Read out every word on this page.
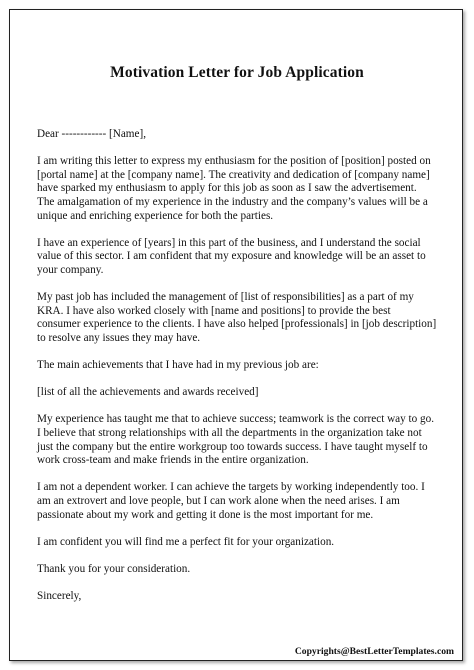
Motivation Letter for Job Application

Dear ------------ [Name],

I am writing this letter to express my enthusiasm for the position of [position] posted on
[portal name] at the [company name]. The creativity and dedication of [company name]
have sparked my enthusiasm to apply for this job as soon as I saw the advertisement.
The amalgamation of my experience in the industry and the company’s values will be a
unique and enriching experience for both the parties.

I have an experience of [years] in this part of the business, and I understand the social
value of this sector. I am confident that my exposure and knowledge will be an asset to
your company.

My past job has included the management of [list of responsibilities] as a part of my
KRA. I have also worked closely with [name and positions] to provide the best
consumer experience to the clients. I have also helped [professionals] in [job description]
to resolve any issues they may have.

The main achievements that I have had in my previous job are:

[list of all the achievements and awards received]

My experience has taught me that to achieve success; teamwork is the correct way to go.
I believe that strong relationships with all the departments in the organization take not
just the company but the entire workgroup too towards success. I have taught myself to
work cross-team and make friends in the entire organization.

I am not a dependent worker. I can achieve the targets by working independently too. I
am an extrovert and love people, but I can work alone when the need arises. I am
passionate about my work and getting it done is the most important for me.

I am confident you will find me a perfect fit for your organization.

Thank you for your consideration.

Sincerely,

Copyrights@BestLetterTemplates.com
